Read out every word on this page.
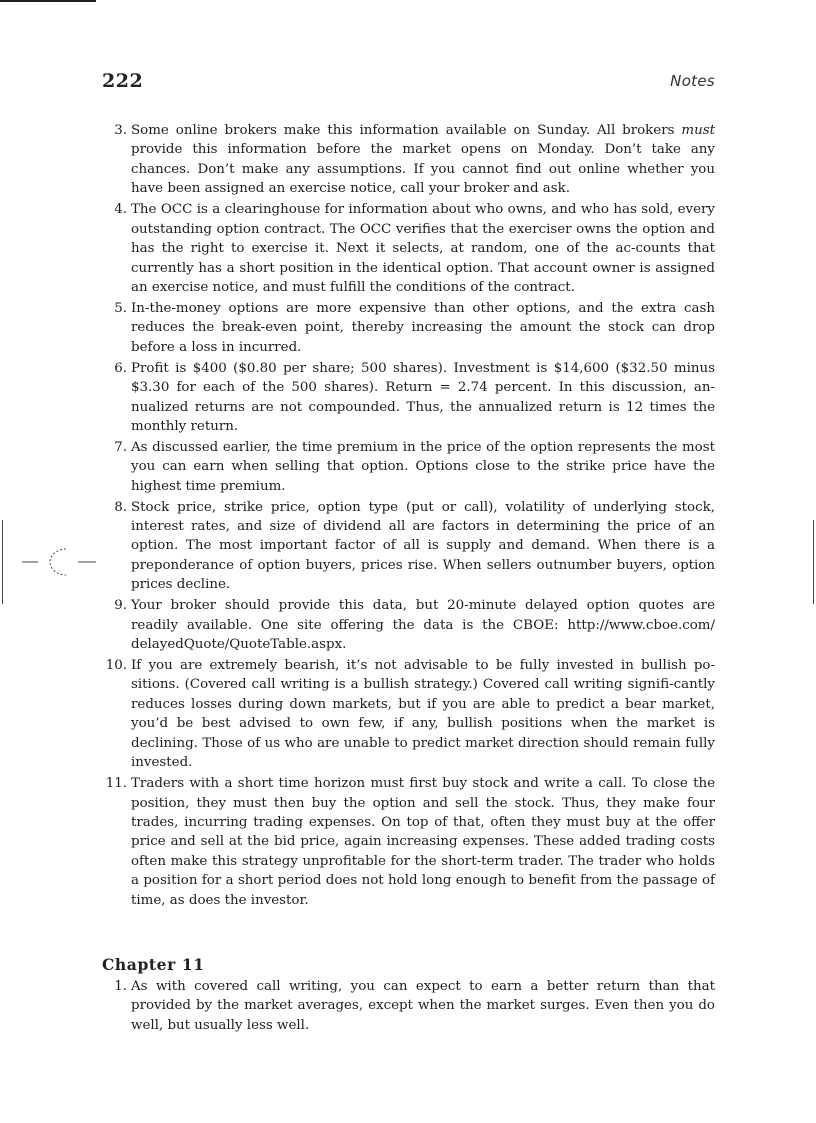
222	Notes
3. Some online brokers make this information available on Sunday. All brokers must provide this information before the market opens on Monday. Don’t take any chances. Don’t make any assumptions. If you cannot find out online whether you have been assigned an exercise notice, call your broker and ask.
4. The OCC is a clearinghouse for information about who owns, and who has sold, every outstanding option contract. The OCC verifies that the exerciser owns the option and has the right to exercise it. Next it selects, at random, one of the ac-counts that currently has a short position in the identical option. That account owner is assigned an exercise notice, and must fulfill the conditions of the contract.
5. In-the-money options are more expensive than other options, and the extra cash reduces the break-even point, thereby increasing the amount the stock can drop before a loss in incurred.
6. Profit is $400 ($0.80 per share; 500 shares). Investment is $14,600 ($32.50 minus $3.30 for each of the 500 shares). Return = 2.74 percent. In this discussion, an-nualized returns are not compounded. Thus, the annualized return is 12 times the monthly return.
7. As discussed earlier, the time premium in the price of the option represents the most you can earn when selling that option. Options close to the strike price have the highest time premium.
8. Stock price, strike price, option type (put or call), volatility of underlying stock, interest rates, and size of dividend all are factors in determining the price of an option. The most important factor of all is supply and demand. When there is a preponderance of option buyers, prices rise. When sellers outnumber buyers, option prices decline.
9. Your broker should provide this data, but 20-minute delayed option quotes are readily available. One site offering the data is the CBOE: http://www.cboe.com/ delayedQuote/QuoteTable.aspx.
10. If you are extremely bearish, it’s not advisable to be fully invested in bullish po-sitions. (Covered call writing is a bullish strategy.) Covered call writing signifi-cantly reduces losses during down markets, but if you are able to predict a bear market, you’d be best advised to own few, if any, bullish positions when the market is declining. Those of us who are unable to predict market direction should remain fully invested.
11. Traders with a short time horizon must first buy stock and write a call. To close the position, they must then buy the option and sell the stock. Thus, they make four trades, incurring trading expenses. On top of that, often they must buy at the offer price and sell at the bid price, again increasing expenses. These added trading costs often make this strategy unprofitable for the short-term trader. The trader who holds a position for a short period does not hold long enough to benefit from the passage of time, as does the investor.
Chapter 11
1. As with covered call writing, you can expect to earn a better return than that provided by the market averages, except when the market surges. Even then you do well, but usually less well.
